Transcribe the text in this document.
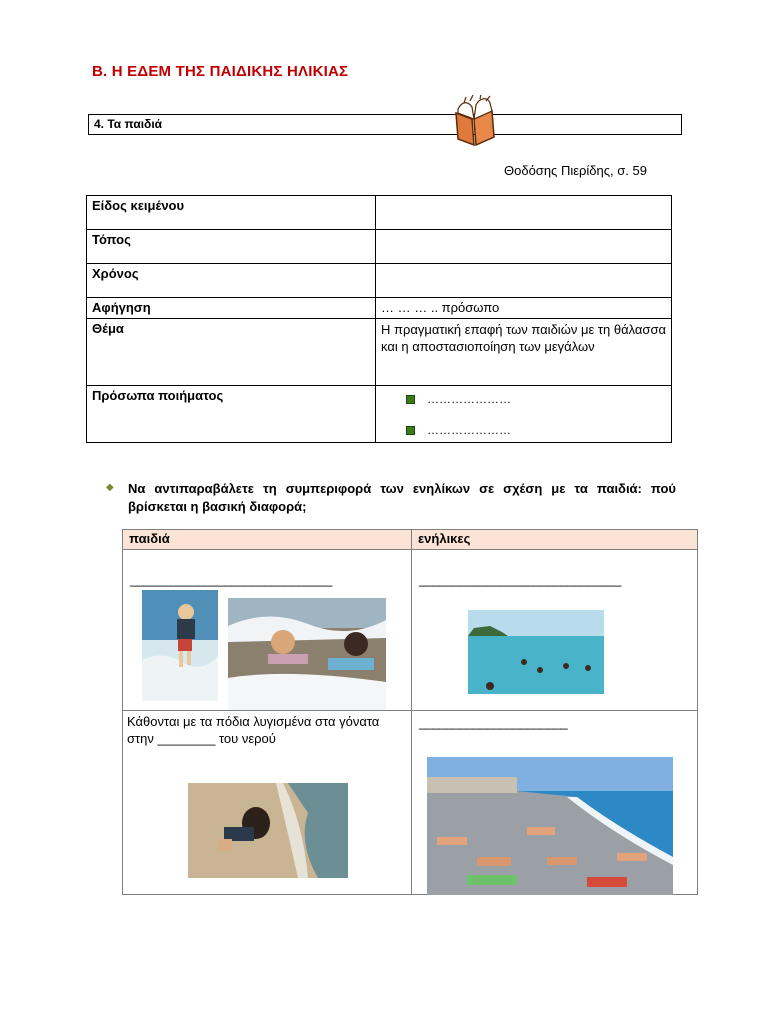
Β. Η ΕΔΕΜ ΤΗΣ ΠΑΙΔΙΚΗΣ ΗΛΙΚΙΑΣ
4. Τα παιδιά
Θοδόσης Πιερίδης, σ. 59
Είδος κειμένου	
Τόπος	
Χρόνος	
Αφήγηση	… … … .. πρόσωπο
Θέμα	Η πραγματική επαφή των παιδιών με τη θάλασσα και η αποστασιοποίηση των μεγάλων
Πρόσωπα ποιήματος	…………………
…………………
◆	Να αντιπαραβάλετε τη συμπεριφορά των ενηλίκων σε σχέση με τα παιδιά: πού βρίσκεται η βασική διαφορά;
παιδιά	ενήλικες

______________________________	______________________________

Κάθονται με τα πόδια λυγισμένα στα γόνατα στην ________ του νερού	______________________
